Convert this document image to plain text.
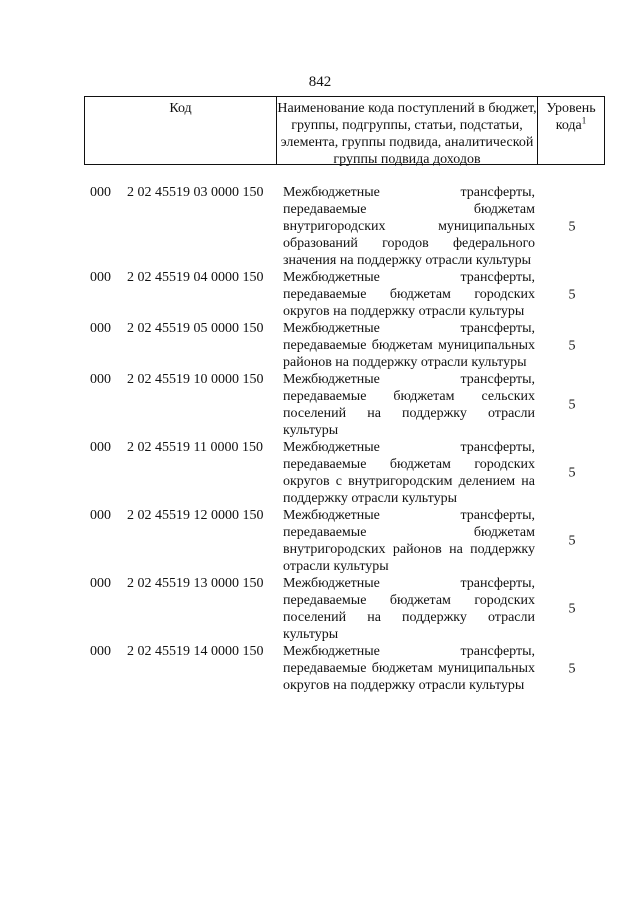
842
Код	Наименование кода поступлений в бюджет, группы, подгруппы, статьи, подстатьи, элемента, группы подвида, аналитической группы подвида доходов
Уровень кода$^1$
000 2 02 45519 03 0000 150 Межбюджетные трансферты, передаваемые бюджетам внутригородских муниципальных образований городов федерального значения на поддержку отрасли культуры
5
000 2 02 45519 04 0000 150 Межбюджетные трансферты, передаваемые бюджетам городских округов на поддержку отрасли культуры
5
000 2 02 45519 05 0000 150 Межбюджетные трансферты, передаваемые бюджетам муниципальных районов на поддержку отрасли культуры
5
000 2 02 45519 10 0000 150 Межбюджетные трансферты, передаваемые бюджетам сельских поселений на поддержку отрасли культуры
5
000 2 02 45519 11 0000 150 Межбюджетные трансферты, передаваемые бюджетам городских округов с внутригородским делением на поддержку отрасли культуры
5
000 2 02 45519 12 0000 150 Межбюджетные трансферты, передаваемые бюджетам внутригородских районов на поддержку отрасли культуры
5
000 2 02 45519 13 0000 150 Межбюджетные трансферты, передаваемые бюджетам городских поселений на поддержку отрасли культуры
5
000 2 02 45519 14 0000 150 Межбюджетные трансферты, передаваемые бюджетам муниципальных округов на поддержку отрасли культуры
5
